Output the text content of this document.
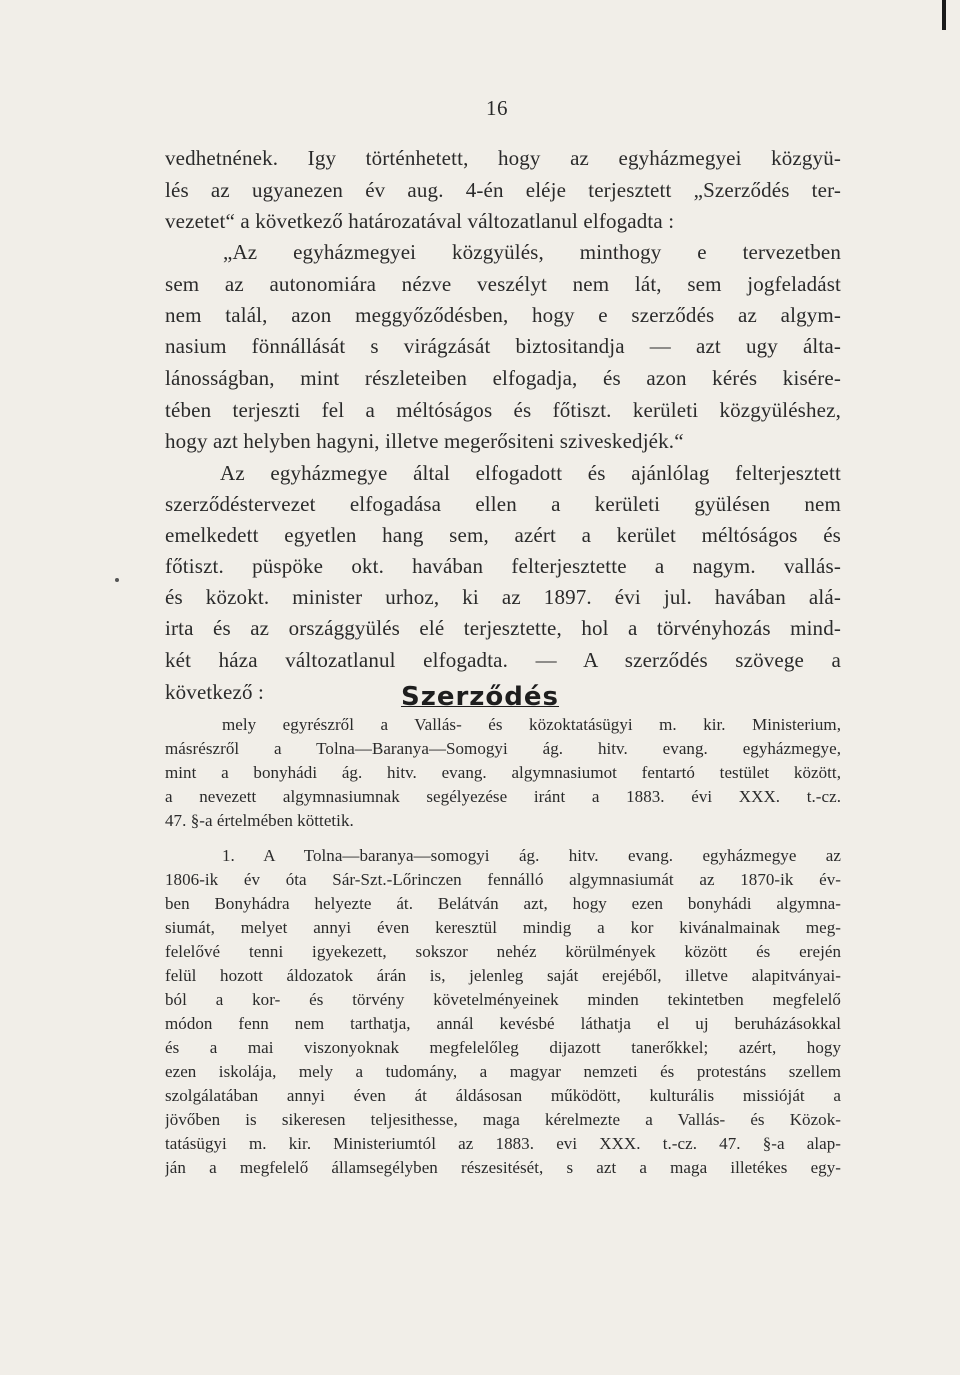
16
vedhetnének. Igy történhetett, hogy az egyházmegyei közgyü-
lés az ugyanezen év aug. 4-én eléje terjesztett „Szerződés ter-
vezetet“ a következő határozatával változatlanul elfogadta :
„Az egyházmegyei közgyülés, minthogy e tervezetben
sem az autonomiára nézve veszélyt nem lát, sem jogfeladást
nem talál, azon meggyőződésben, hogy e szerződés az algym-
nasium fönnállását s virágzását biztositandja — azt ugy álta-
lánosságban, mint részleteiben elfogadja, és azon kérés kisére-
tében terjeszti fel a méltóságos és főtiszt. kerületi közgyüléshez,
hogy azt helyben hagyni, illetve megerősiteni sziveskedjék.“
Az egyházmegye által elfogadott és ajánlólag felterjesztett
szerződéstervezet elfogadása ellen a kerületi gyülésen nem
emelkedett egyetlen hang sem, azért a kerület méltóságos és
főtiszt. püspöke okt. havában felterjesztette a nagym. vallás-
és közokt. minister urhoz, ki az 1897. évi jul. havában alá-
irta és az országgyülés elé terjesztette, hol a törvényhozás mind-
két háza változatlanul elfogadta. — A szerződés szövege a
következő :	Szerződés
mely egyrészről a Vallás- és közoktatásügyi m. kir. Ministerium,
másrészről a Tolna—Baranya—Somogyi ág. hitv. evang. egyházmegye,
mint a bonyhádi ág. hitv. evang. algymnasiumot fentartó testület között,
a nevezett algymnasiumnak segélyezése iránt a 1883. évi XXX. t.-cz.
47. §-a értelmében köttetik.
1. A Tolna—baranya—somogyi ág. hitv. evang. egyházmegye az
1806-ik év óta Sár-Szt.-Lőrinczen fennálló algymnasiumát az 1870-ik év-
ben Bonyhádra helyezte át. Belátván azt, hogy ezen bonyhádi algymna-
siumát, melyet annyi éven keresztül mindig a kor kivánalmainak meg-
felelővé tenni igyekezett, sokszor nehéz körülmények között és erején
felül hozott áldozatok árán is, jelenleg saját erejéből, illetve alapitványai-
ból a kor- és törvény követelményeinek minden tekintetben megfelelő
módon fenn nem tarthatja, annál kevésbé láthatja el uj beruházásokkal
és a mai viszonyoknak megfelelőleg dijazott tanerőkkel; azért, hogy
ezen iskolája, mely a tudomány, a magyar nemzeti és protestáns szellem
szolgálatában annyi éven át áldásosan működött, kulturális missióját a
jövőben is sikeresen teljesithesse, maga kérelmezte a Vallás- és Közok-
tatásügyi m. kir. Ministeriumtól az 1883. evi XXX. t.-cz. 47. §-a alap-
ján a megfelelő államsegélyben részesitését, s azt a maga illetékes egy-
